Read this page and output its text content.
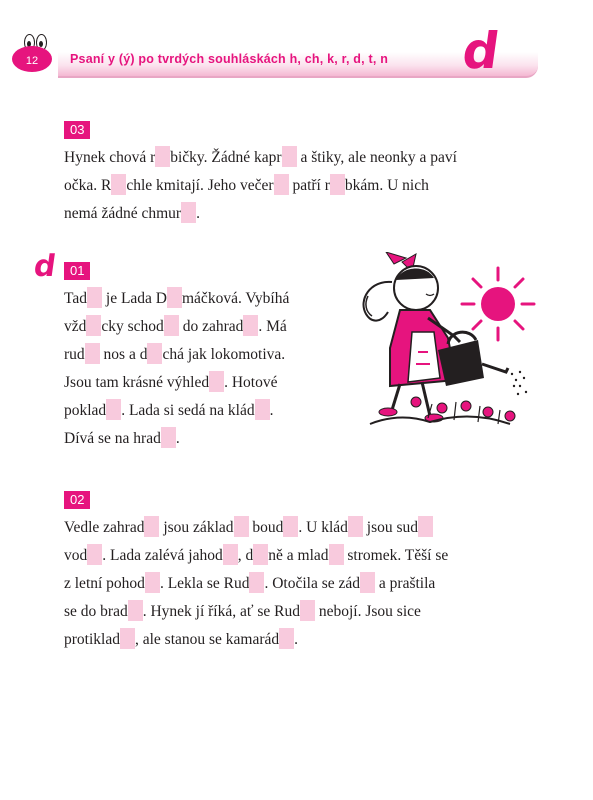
12	Psaní y (ý) po tvrdých souhláskách h, ch, k, r, d, t, n d
d
03
Hynek chová r bičky. Žádné kapr a štiky, ale neonky a paví
očka. R chle kmitají. Jeho večer patří r bkám. U nich
nemá žádné chmur .
01
Tad je Lada D máčková. Vybíhá
vžd cky schod do zahrad . Má
rud nos a d chá jak lokomotiva.
Jsou tam krásné výhled . Hotové
poklad . Lada si sedá na klád .
Dívá se na hrad .
02
Vedle zahrad jsou základ boud . U klád jsou sud
vod . Lada zalévá jahod , d ně a mlad stromek. Těší se
z letní pohod . Lekla se Rud . Otočila se zád a praštila
se do brad . Hynek jí říká, ať se Rud nebojí. Jsou sice
protiklad , ale stanou se kamarád .
